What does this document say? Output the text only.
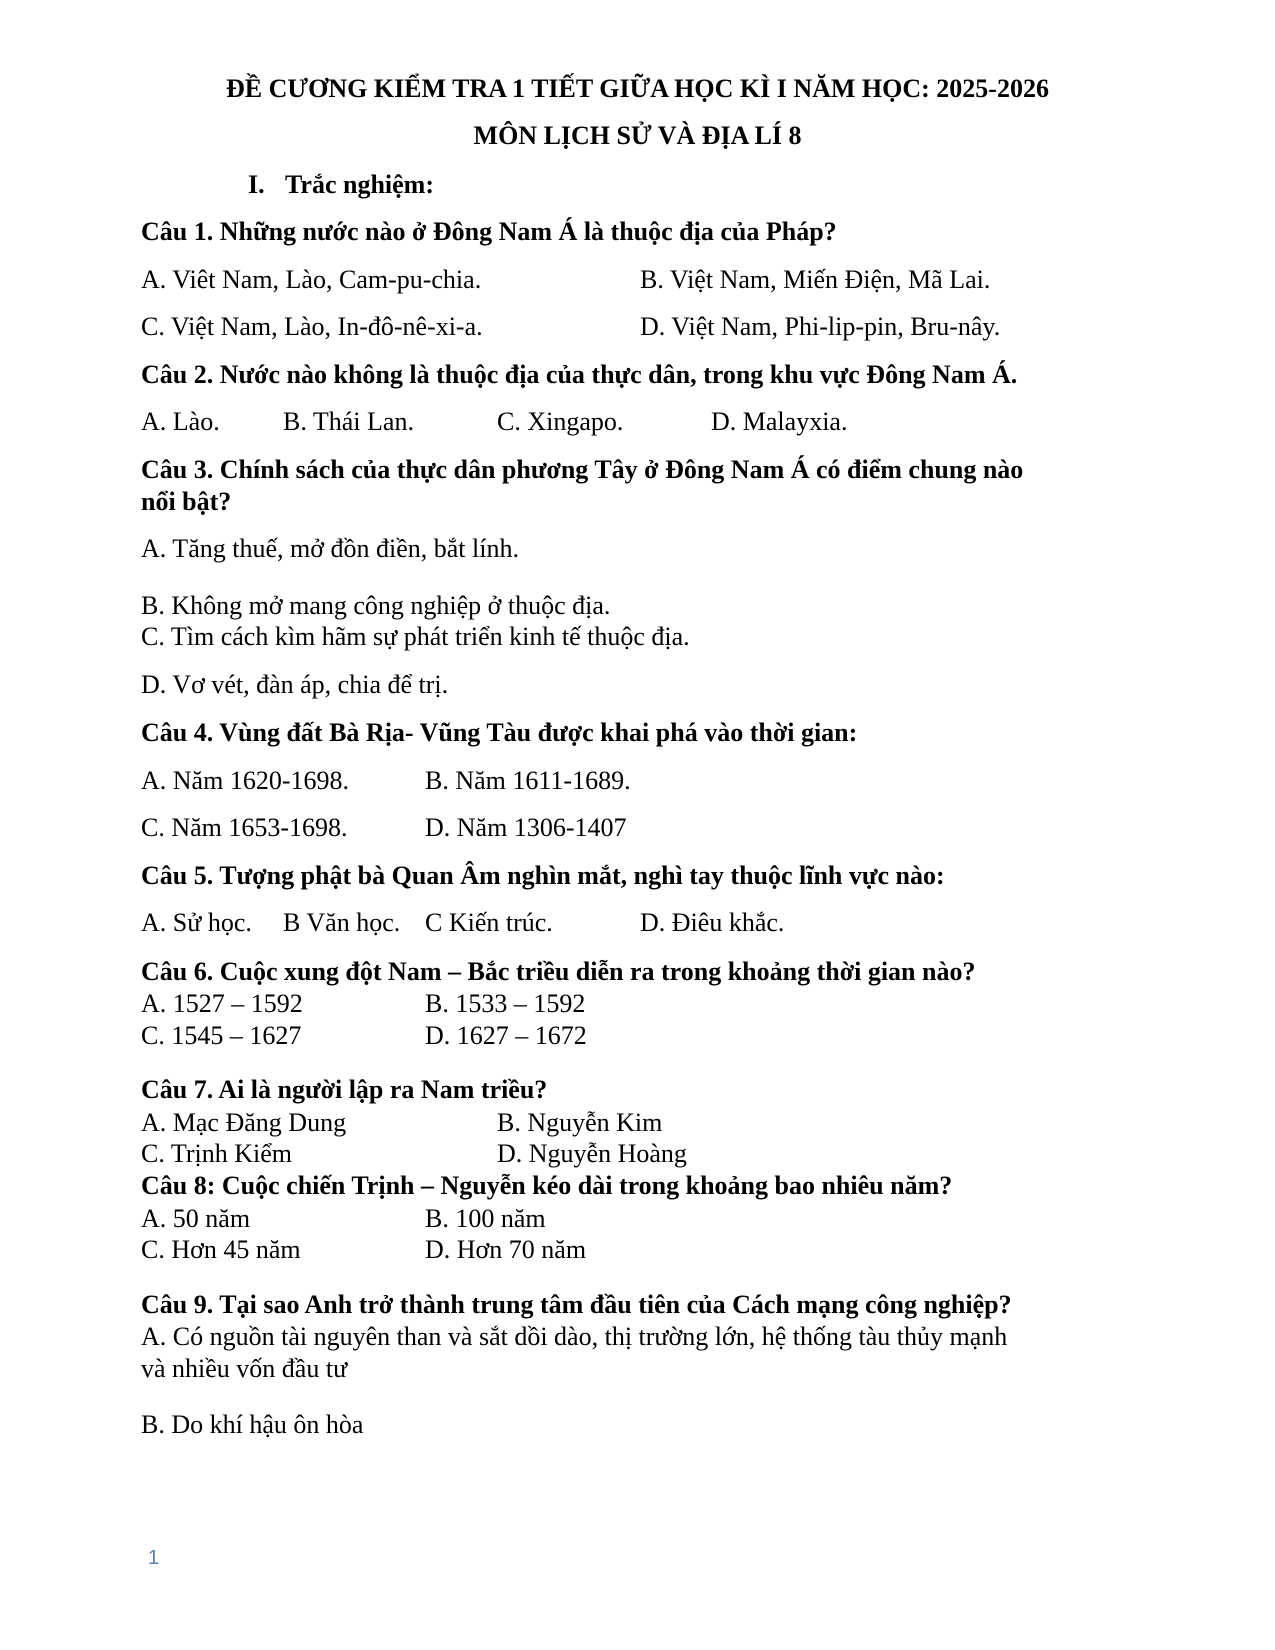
ĐỀ CƯƠNG KIỂM TRA 1 TIẾT GIỮA HỌC KÌ I NĂM HỌC: 2025-2026
MÔN LỊCH SỬ VÀ ĐỊA LÍ 8
I. Trắc nghiệm:
Câu 1. Những nước nào ở Đông Nam Á là thuộc địa của Pháp?
A. Viêt Nam, Lào, Cam-pu-chia.	B. Việt Nam, Miến Điện, Mã Lai.
C. Việt Nam, Lào, In-đô-nê-xi-a.	D. Việt Nam, Phi-lip-pin, Bru-nây.
Câu 2. Nước nào không là thuộc địa của thực dân, trong khu vực Đông Nam Á.
A. Lào. B. Thái Lan.	C. Xingapo.	D. Malayxia.
Câu 3. Chính sách của thực dân phương Tây ở Đông Nam Á có điểm chung nào
nổi bật?
A. Tăng thuế, mở đồn điền, bắt lính.
B. Không mở mang công nghiệp ở thuộc địa.
C. Tìm cách kìm hãm sự phát triển kinh tế thuộc địa.
D. Vơ vét, đàn áp, chia để trị.
Câu 4. Vùng đất Bà Rịa- Vũng Tàu được khai phá vào thời gian:
A. Năm 1620-1698.	B. Năm 1611-1689.
C. Năm 1653-1698.	D. Năm 1306-1407
Câu 5. Tượng phật bà Quan Âm nghìn mắt, nghì tay thuộc lĩnh vực nào:
A. Sử học. B Văn học. C Kiến trúc.	D. Điêu khắc.
Câu 6. Cuộc xung đột Nam – Bắc triều diễn ra trong khoảng thời gian nào?
A. 1527 – 1592	B. 1533 – 1592
C. 1545 – 1627	D. 1627 – 1672
Câu 7. Ai là người lập ra Nam triều?
A. Mạc Đăng Dung	B. Nguyễn Kim
C. Trịnh Kiểm	D. Nguyễn Hoàng
Câu 8: Cuộc chiến Trịnh – Nguyễn kéo dài trong khoảng bao nhiêu năm?
A. 50 năm	B. 100 năm
C. Hơn 45 năm	D. Hơn 70 năm
Câu 9. Tại sao Anh trở thành trung tâm đầu tiên của Cách mạng công nghiệp?
A. Có nguồn tài nguyên than và sắt dồi dào, thị trường lớn, hệ thống tàu thủy mạnh
và nhiều vốn đầu tư
B. Do khí hậu ôn hòa
1
